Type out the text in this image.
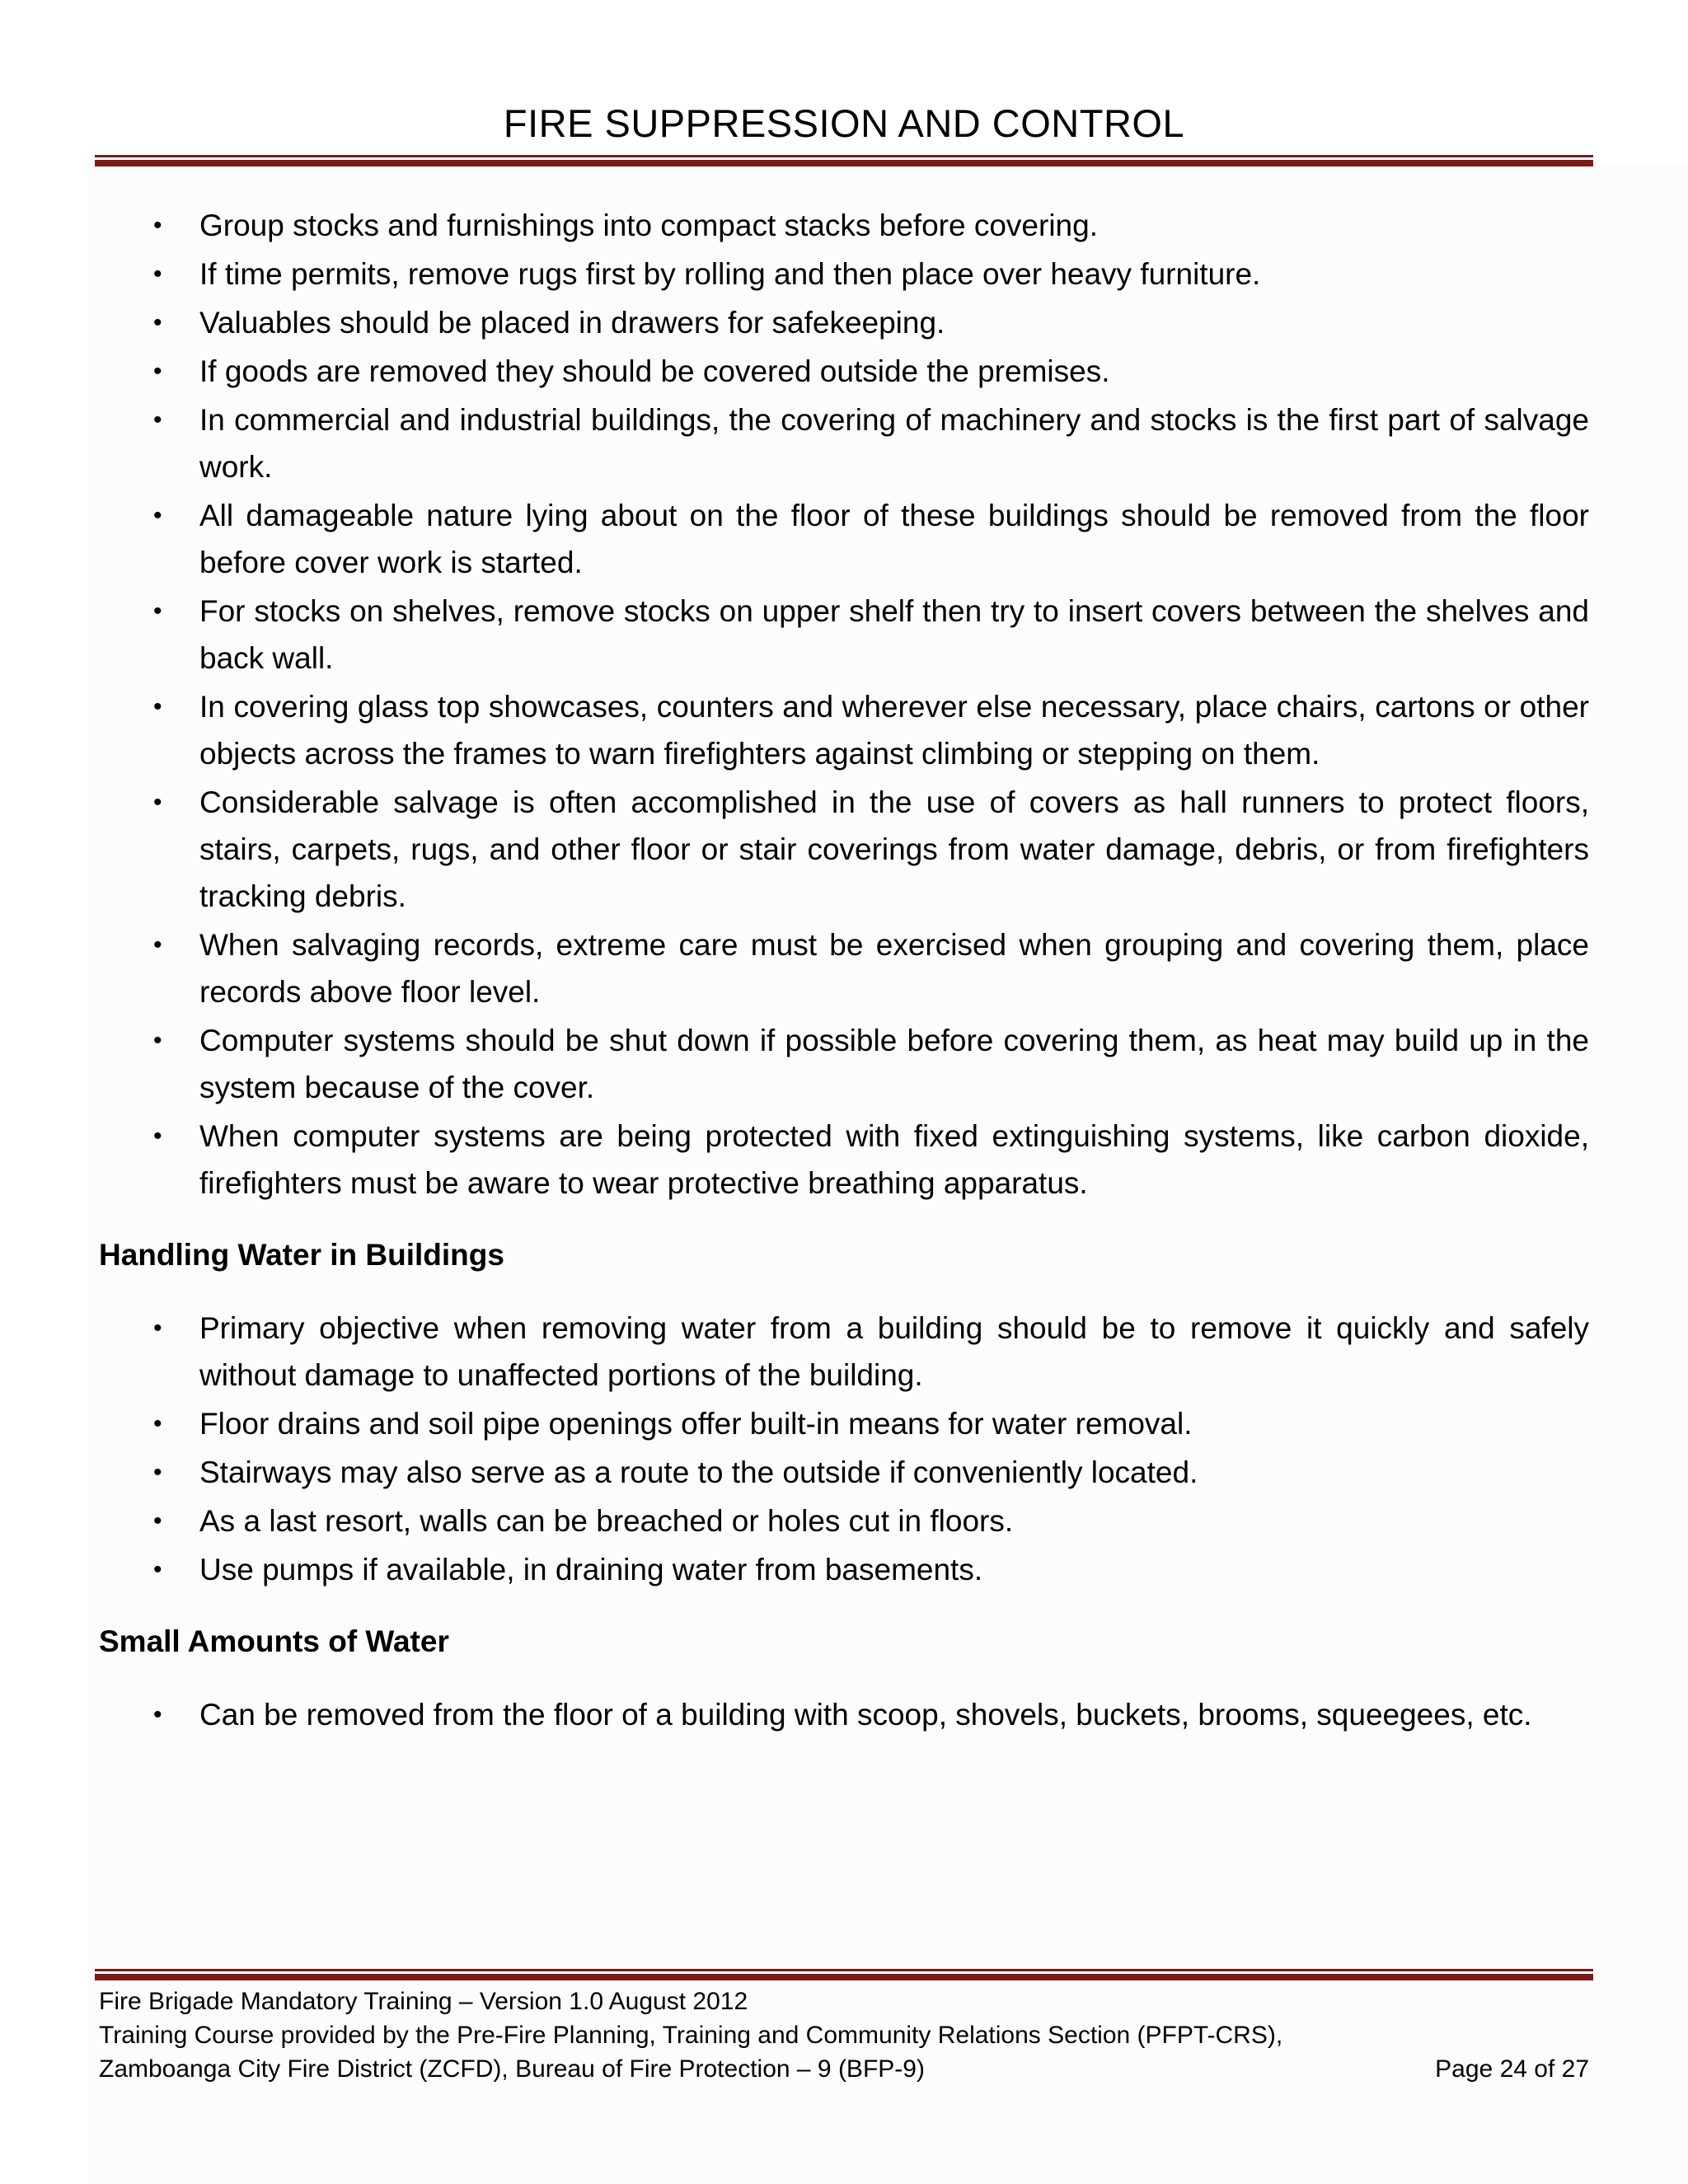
FIRE SUPPRESSION AND CONTROL
• Group stocks and furnishings into compact stacks before covering.
• If time permits, remove rugs first by rolling and then place over heavy furniture.
• Valuables should be placed in drawers for safekeeping.
• If goods are removed they should be covered outside the premises.
• In commercial and industrial buildings, the covering of machinery and stocks is the first part of salvage work.
• All damageable nature lying about on the floor of these buildings should be removed from the floor before cover work is started.
• For stocks on shelves, remove stocks on upper shelf then try to insert covers between the shelves and back wall.
• In covering glass top showcases, counters and wherever else necessary, place chairs, cartons or other objects across the frames to warn firefighters against climbing or stepping on them.
• Considerable salvage is often accomplished in the use of covers as hall runners to protect floors, stairs, carpets, rugs, and other floor or stair coverings from water damage, debris, or from firefighters tracking debris.
• When salvaging records, extreme care must be exercised when grouping and covering them, place records above floor level.
• Computer systems should be shut down if possible before covering them, as heat may build up in the system because of the cover.
• When computer systems are being protected with fixed extinguishing systems, like carbon dioxide, firefighters must be aware to wear protective breathing apparatus.
Handling Water in Buildings
• Primary objective when removing water from a building should be to remove it quickly and safely without damage to unaffected portions of the building.
• Floor drains and soil pipe openings offer built-in means for water removal.
• Stairways may also serve as a route to the outside if conveniently located.
• As a last resort, walls can be breached or holes cut in floors.
• Use pumps if available, in draining water from basements.
Small Amounts of Water
• Can be removed from the floor of a building with scoop, shovels, buckets, brooms, squeegees, etc.
Fire Brigade Mandatory Training – Version 1.0 August 2012
Training Course provided by the Pre-Fire Planning, Training and Community Relations Section (PFPT-CRS),
Zamboanga City Fire District (ZCFD), Bureau of Fire Protection – 9 (BFP-9)	Page 24 of 27
